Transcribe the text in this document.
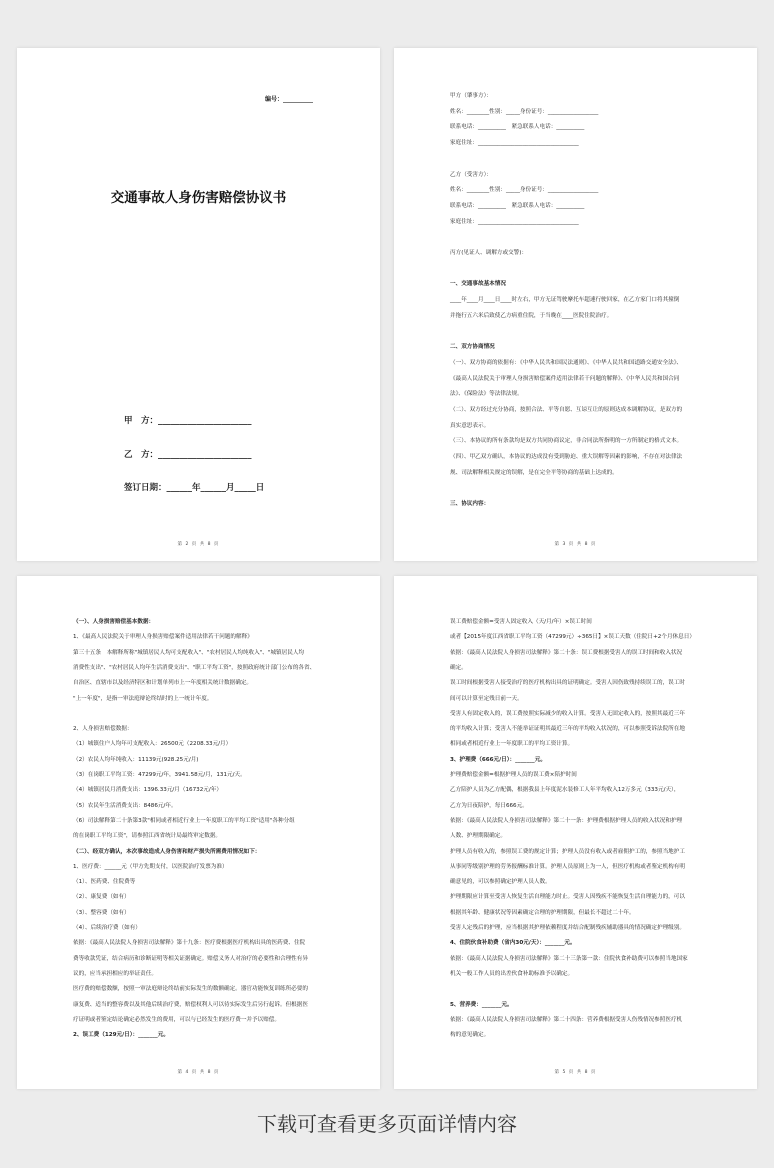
编号：__________
交通事故人身伤害赔偿协议书
甲　方：______________________
乙　方：______________________
签订日期：______年______月_____日
第 2 页 共 8 页
甲方（肇事方）：
姓名：________性别：_____身份证号：__________________
联系电话：__________　紧急联系人电话：__________
家庭住址：____________________________________
乙方（受害方）：
姓名：________性别：_____身份证号：__________________
联系电话：__________　紧急联系人电话：__________
家庭住址：____________________________________
丙方(见证人、调解方或交警)：
一、交通事故基本情况
____年____月____日____时左右，甲方无证驾驶摩托车超速行驶回家，在乙方家门口将其撞倒
并拖行五六米后致使乙方病重住院，于当晚在____医院住院治疗。
二、双方协商情况
（一）、双方协商的依据有：《中华人民共和国民法通则》、《中华人民共和国道路交通安全法》、
《最高人民法院关于审理人身损害赔偿案件适用法律若干问题的解释》、《中华人民共和国合同
法》、《保险法》等法律法规。
（二）、双方经过充分协商，按照合法、平等自愿、互谅互让的原则达成本调解协议，是双方的
真实意思表示。
（三）、本协议的所有条款均是双方共同协商议定，非合同法所指明的一方所制定的格式文本。
（四）、甲乙双方确认，本协议的达成没有受到胁迫、重大误解等因素的影响，不存在对法律法
规、司法解释相关规定的误解，是在完全平等协商的基础上达成的。
三、协议内容：
第 3 页 共 8 页
（一）、人身损害赔偿基本数据：
1、《最高人民法院关于审理人身损害赔偿案件适用法律若干问题的解释》
第三十五条　本解释所称"城镇居民人均可支配收入"、"农村居民人均纯收入"、"城镇居民人均
消费性支出"、"农村居民人均年生活消费支出"、"职工平均工资"，按照政府统计部门公布的各省、
自治区、直辖市以及经济特区和计划单列市上一年度相关统计数据确定。
"上一年度"，是指一审法庭辩论终结时的上一统计年度。
2、人身损害赔偿数据：
（1）城镇住户人均年可支配收入：26500元（2208.33元/月）
（2）农民人均年纯收入：11139元(928.25元/月)
（3）在岗职工平均工资：47299元/年，3941.58元/月，131元/天。
（4）城镇居民月消费支出：1396.33元/月（16732元/年）
（5）农民年生活消费支出：8486元/年。
（6）司法解释第二十条第3款"相同或者相近行业上一年度职工的平均工资"适用"各种分组
的在岗职工平均工资"，请参照江西省统计局最终审定数据。
（二）、经双方确认，本次事故造成人身伤害和财产损失所需费用情况如下：
1、医疗费：______元（甲方先期支付，以医院治疗发票为准）
（1）、医药费、住院费等
（2）、康复费（如有）
（3）、整容费（如有）
（4）、后续治疗费（如有）
依据：《最高人民法院人身损害司法解释》第十九条：医疗费根据医疗机构出具的医药费、住院
费等收款凭证，结合病历和诊断证明等相关证据确定。赔偿义务人对治疗的必要性和合理性有异
议的，应当承担相应的举证责任。
医疗费的赔偿数额，按照一审法庭辩论终结前实际发生的数额确定。器官功能恢复训练所必要的
康复费、适当的整容费以及其他后续治疗费，赔偿权利人可以待实际发生后另行起诉。但根据医
疗证明或者鉴定结论确定必然发生的费用，可以与已经发生的医疗费一并予以赔偿。
2、误工费（129元/日）：_______元。
第 4 页 共 8 页
误工费赔偿金额=受害人固定收入（天/月/年）×误工时间
或者【2015年度江西省职工平均工资（47299元）÷365日】×误工天数（住院日+2个月休息日）
依据：《最高人民法院人身损害司法解释》第二十条：误工费根据受害人的误工时间和收入状况
确定。
误工时间根据受害人接受治疗的医疗机构出具的证明确定。受害人因伤致残持续误工的，误工时
间可以计算至定残日前一天。
受害人有固定收入的，误工费按照实际减少的收入计算。受害人无固定收入的，按照其最近三年
的平均收入计算；受害人不能举证证明其最近三年的平均收入状况的，可以参照受诉法院所在地
相同或者相近行业上一年度职工的平均工资计算。
3、护理费（666元/日）：_______元。
护理费赔偿金额=根据护理人员的误工费×陪护时间
乙方陪护人员为乙方配偶，根据我县上年度泥水装修工人年平均收入12万多元（333元/天），
乙方为日夜陪护，每日666元。
依据：《最高人民法院人身损害司法解释》第二十一条：护理费根据护理人员的收入状况和护理
人数、护理期限确定。
护理人员有收入的，参照误工费的规定计算；护理人员没有收入或者雇佣护工的，参照当地护工
从事同等级别护理的劳务报酬标准计算。护理人员原则上为一人，但医疗机构或者鉴定机构有明
确意见的，可以参照确定护理人员人数。
护理期限应计算至受害人恢复生活自理能力时止。受害人因残疾不能恢复生活自理能力的，可以
根据其年龄、健康状况等因素确定合理的护理期限，但最长不超过二十年。
受害人定残后的护理，应当根据其护理依赖程度并结合配制残疾辅助器具的情况确定护理级别。
4、住院伙食补助费（省内30元/天）：_______元。
依据：《最高人民法院人身损害司法解释》第二十三条第一款：住院伙食补助费可以参照当地国家
机关一般工作人员的出差伙食补助标准予以确定。
5、营养费：_______元。
依据：《最高人民法院人身损害司法解释》第二十四条：营养费根据受害人伤残情况参照医疗机
构的意见确定。
第 5 页 共 8 页
下载可查看更多页面详情内容
